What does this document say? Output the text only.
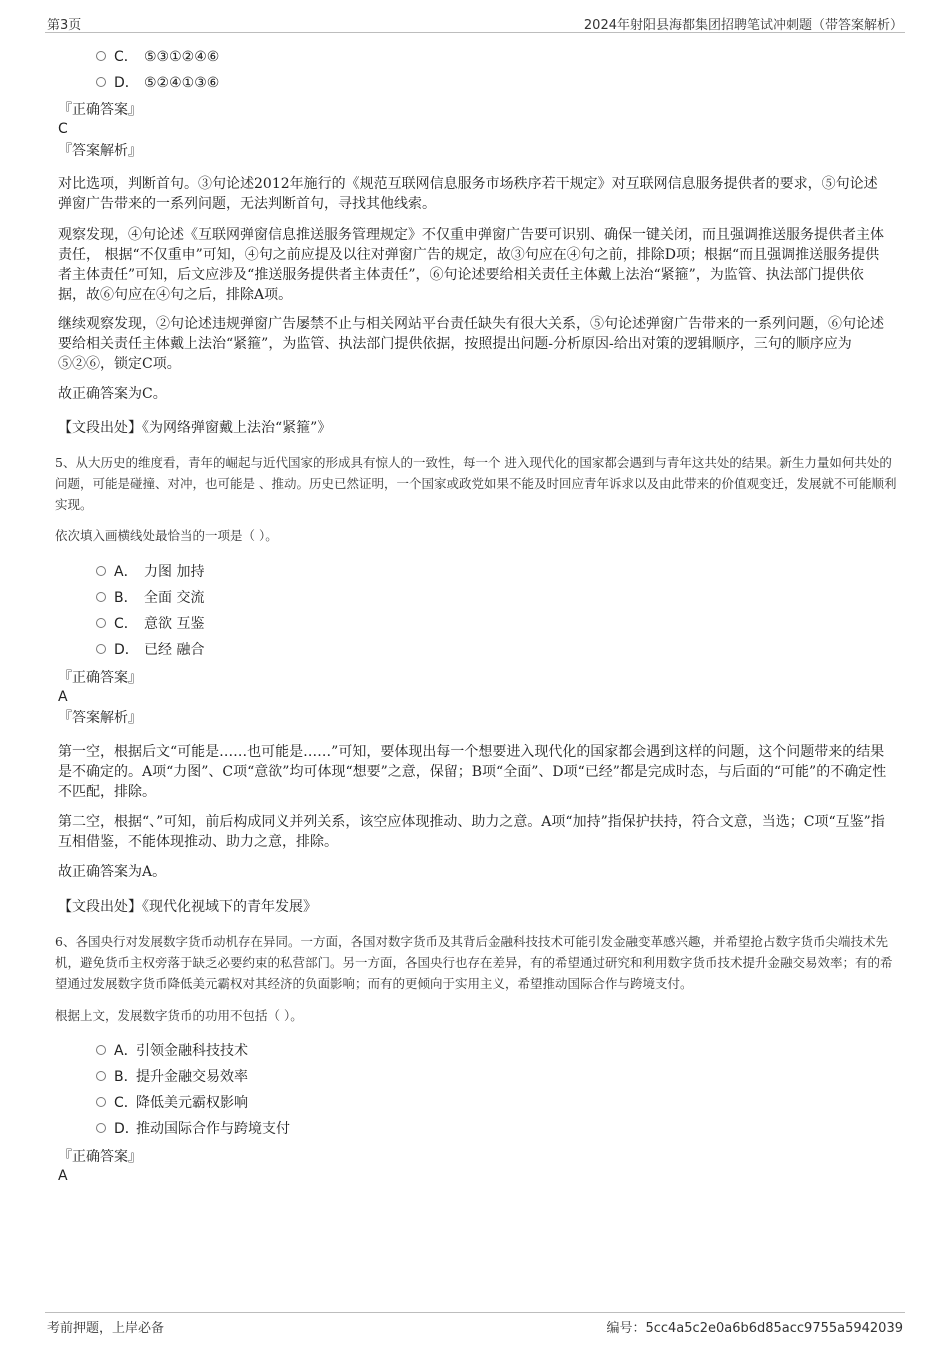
第3页	2024年射阳县海都集团招聘笔试冲刺题（带答案解析）
C． ⑤③①②④⑥
D． ⑤②④①③⑥
『正确答案』
C
『答案解析』
对比选项，判断首句。③句论述2012年施行的《规范互联网信息服务市场秩序若干规定》对互联网信息服务提供者的要求，⑤句论述弹窗广告带来的一系列问题，无法判断首句，寻找其他线索。
观察发现，④句论述《互联网弹窗信息推送服务管理规定》不仅重申弹窗广告要可识别、确保一键关闭，而且强调推送服务提供者主体责任， 根据“不仅重申”可知，④句之前应提及以往对弹窗广告的规定，故③句应在④句之前，排除D项；根据“而且强调推送服务提供者主体责任”可知，后文应涉及“推送服务提供者主体责任”，⑥句论述要给相关责任主体戴上法治“紧箍”，为监管、执法部门提供依据，故⑥句应在④句之后，排除A项。
继续观察发现，②句论述违规弹窗广告屡禁不止与相关网站平台责任缺失有很大关系，⑤句论述弹窗广告带来的一系列问题，⑥句论述要给相关责任主体戴上法治“紧箍”，为监管、执法部门提供依据，按照提出问题-分析原因-给出对策的逻辑顺序，三句的顺序应为⑤②⑥，锁定C项。
故正确答案为C。
【文段出处】《为网络弹窗戴上法治“紧箍”》
5、从大历史的维度看，青年的崛起与近代国家的形成具有惊人的一致性，每一个 进入现代化的国家都会遇到与青年这共处的结果。新生力量如何共处的问题，可能是碰撞、对冲，也可能是 、推动。历史已然证明，一个国家或政党如果不能及时回应青年诉求以及由此带来的价值观变迁，发展就不可能顺利实现。
依次填入画横线处最恰当的一项是（ ）。
A． 力图 加持
B． 全面 交流
C． 意欲 互鉴
D． 已经 融合
『正确答案』
A
『答案解析』
第一空，根据后文“可能是……也可能是……”可知，要体现出每一个想要进入现代化的国家都会遇到这样的问题，这个问题带来的结果是不确定的。A项“力图”、C项“意欲”均可体现“想要”之意，保留；B项“全面”、D项“已经”都是完成时态，与后面的“可能”的不确定性不匹配，排除。
第二空，根据“、”可知，前后构成同义并列关系，该空应体现推动、助力之意。A项“加持”指保护扶持，符合文意，当选；C项“互鉴”指互相借鉴，不能体现推动、助力之意，排除。
故正确答案为A。
【文段出处】《现代化视域下的青年发展》
6、各国央行对发展数字货币动机存在异同。一方面，各国对数字货币及其背后金融科技技术可能引发金融变革感兴趣，并希望抢占数字货币尖端技术先机，避免货币主权旁落于缺乏必要约束的私营部门。另一方面，各国央行也存在差异，有的希望通过研究和利用数字货币技术提升金融交易效率；有的希望通过发展数字货币降低美元霸权对其经济的负面影响；而有的更倾向于实用主义，希望推动国际合作与跨境支付。
根据上文，发展数字货币的功用不包括（ ）。
A．引领金融科技技术
B．提升金融交易效率
C．降低美元霸权影响
D．推动国际合作与跨境支付
『正确答案』
A
考前押题，上岸必备	编号：5cc4a5c2e0a6b6d85acc9755a5942039
